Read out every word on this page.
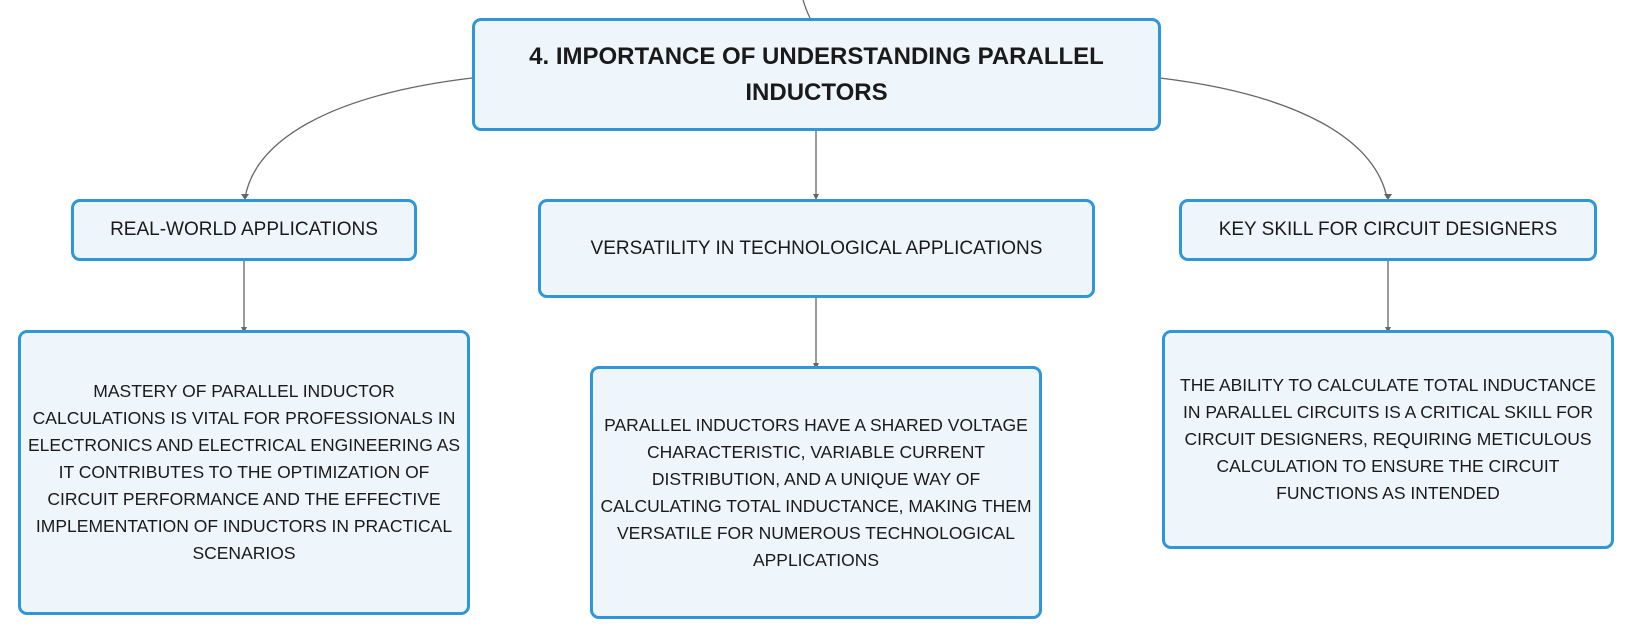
4. IMPORTANCE OF UNDERSTANDING PARALLEL INDUCTORS
REAL-WORLD APPLICATIONS
VERSATILITY IN TECHNOLOGICAL APPLICATIONS
KEY SKILL FOR CIRCUIT DESIGNERS
MASTERY OF PARALLEL INDUCTOR CALCULATIONS IS VITAL FOR PROFESSIONALS IN ELECTRONICS AND ELECTRICAL ENGINEERING AS IT CONTRIBUTES TO THE OPTIMIZATION OF CIRCUIT PERFORMANCE AND THE EFFECTIVE IMPLEMENTATION OF INDUCTORS IN PRACTICAL SCENARIOS
PARALLEL INDUCTORS HAVE A SHARED VOLTAGE CHARACTERISTIC, VARIABLE CURRENT DISTRIBUTION, AND A UNIQUE WAY OF CALCULATING TOTAL INDUCTANCE, MAKING THEM VERSATILE FOR NUMEROUS TECHNOLOGICAL APPLICATIONS
THE ABILITY TO CALCULATE TOTAL INDUCTANCE IN PARALLEL CIRCUITS IS A CRITICAL SKILL FOR CIRCUIT DESIGNERS, REQUIRING METICULOUS CALCULATION TO ENSURE THE CIRCUIT FUNCTIONS AS INTENDED
